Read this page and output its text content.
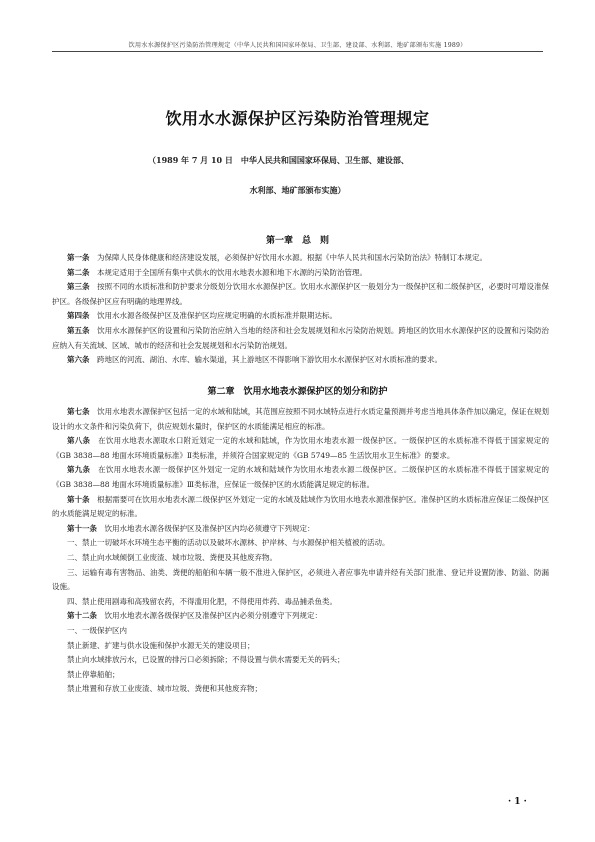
饮用水水源保护区污染防治管理规定（中华人民共和国国家环保局、卫生部、建设部、水利部、地矿部颁布实施 1989）
饮用水水源保护区污染防治管理规定
（1989 年 7 月 10 日　中华人民共和国国家环保局、卫生部、建设部、
水利部、地矿部颁布实施）
第一章　总　则

第一条　为保障人民身体健康和经济建设发展，必须保护好饮用水水源。根据《中华人民共和国水污染防治法》特制订本规定。

第二条　本规定适用于全国所有集中式供水的饮用水地表水源和地下水源的污染防治管理。

第三条　按照不同的水质标准和防护要求分级划分饮用水水源保护区。饮用水水源保护区一般划分为一级保护区和二级保护区，必要时可增设准保护区。各级保护区应有明确的地理界线。

第四条　饮用水水源各级保护区及准保护区均应规定明确的水质标准并限期达标。

第五条　饮用水水源保护区的设置和污染防治应纳入当地的经济和社会发展规划和水污染防治规划。跨地区的饮用水水源保护区的设置和污染防治应纳入有关流域、区域、城市的经济和社会发展规划和水污染防治规划。

第六条　跨地区的河流、湖泊、水库、输水渠道，其上游地区不得影响下游饮用水水源保护区对水质标准的要求。

第二章　饮用水地表水源保护区的划分和防护

第七条　饮用水地表水源保护区包括一定的水域和陆域，其范围应按照不同水域特点进行水质定量预测并考虑当地具体条件加以确定，保证在规划设计的水文条件和污染负荷下，供应规划水量时，保护区的水质能满足相应的标准。

第八条　在饮用水地表水源取水口附近划定一定的水域和陆域，作为饮用水地表水源一级保护区。一级保护区的水质标准不得低于国家规定的《GB 3838—88 地面水环境质量标准》Ⅱ类标准，并须符合国家规定的《GB 5749—85 生活饮用水卫生标准》的要求。

第九条　在饮用水地表水源一级保护区外划定一定的水域和陆域作为饮用水地表水源二级保护区。二级保护区的水质标准不得低于国家规定的《GB 3838—88 地面水环境质量标准》Ⅲ类标准，应保证一级保护区的水质能满足规定的标准。

第十条　根据需要可在饮用水地表水源二级保护区外划定一定的水域及陆域作为饮用水地表水源准保护区。准保护区的水质标准应保证二级保护区的水质能满足规定的标准。

第十一条　饮用水地表水源各级保护区及准保护区内均必须遵守下列规定：

一、禁止一切破坏水环境生态平衡的活动以及破坏水源林、护岸林、与水源保护相关植被的活动。

二、禁止向水域倾倒工业废渣、城市垃圾、粪便及其他废弃物。

三、运输有毒有害物品、油类、粪便的船舶和车辆一般不准进入保护区，必须进入者应事先申请并经有关部门批准、登记并设置防渗、防溢、防漏设施。

四、禁止使用剧毒和高残留农药，不得滥用化肥，不得使用炸药、毒品捕杀鱼类。

第十二条　饮用水地表水源各级保护区及准保护区内必须分别遵守下列规定：

一、一级保护区内

禁止新建、扩建与供水设施和保护水源无关的建设项目；

禁止向水域排放污水，已设置的排污口必须拆除；不得设置与供水需要无关的码头；

禁止停靠船舶；

禁止堆置和存放工业废渣、城市垃圾、粪便和其他废弃物；

· 1 ·
